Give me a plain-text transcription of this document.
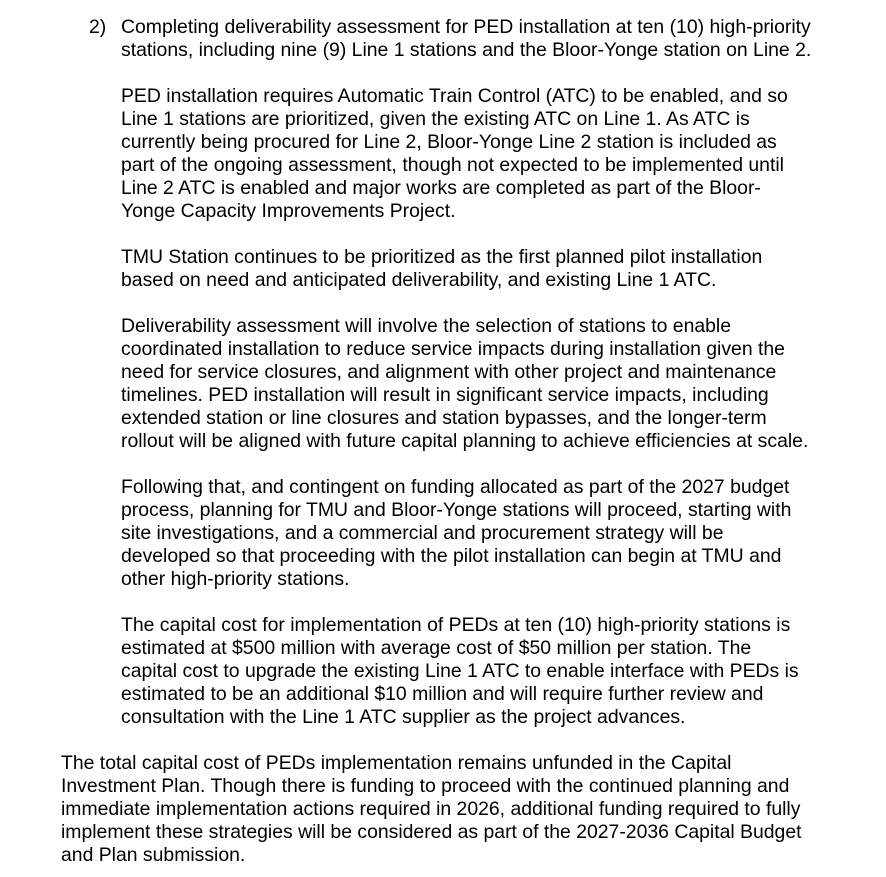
2) Completing deliverability assessment for PED installation at ten (10) high-priority
stations, including nine (9) Line 1 stations and the Bloor-Yonge station on Line 2.

PED installation requires Automatic Train Control (ATC) to be enabled, and so
Line 1 stations are prioritized, given the existing ATC on Line 1. As ATC is
currently being procured for Line 2, Bloor-Yonge Line 2 station is included as
part of the ongoing assessment, though not expected to be implemented until
Line 2 ATC is enabled and major works are completed as part of the Bloor-
Yonge Capacity Improvements Project.

TMU Station continues to be prioritized as the first planned pilot installation
based on need and anticipated deliverability, and existing Line 1 ATC.

Deliverability assessment will involve the selection of stations to enable
coordinated installation to reduce service impacts during installation given the
need for service closures, and alignment with other project and maintenance
timelines. PED installation will result in significant service impacts, including
extended station or line closures and station bypasses, and the longer-term
rollout will be aligned with future capital planning to achieve efficiencies at scale.

Following that, and contingent on funding allocated as part of the 2027 budget
process, planning for TMU and Bloor-Yonge stations will proceed, starting with
site investigations, and a commercial and procurement strategy will be
developed so that proceeding with the pilot installation can begin at TMU and
other high-priority stations.

The capital cost for implementation of PEDs at ten (10) high-priority stations is
estimated at $500 million with average cost of $50 million per station. The
capital cost to upgrade the existing Line 1 ATC to enable interface with PEDs is
estimated to be an additional $10 million and will require further review and
consultation with the Line 1 ATC supplier as the project advances.

The total capital cost of PEDs implementation remains unfunded in the Capital
Investment Plan. Though there is funding to proceed with the continued planning and
immediate implementation actions required in 2026, additional funding required to fully
implement these strategies will be considered as part of the 2027-2036 Capital Budget
and Plan submission.
